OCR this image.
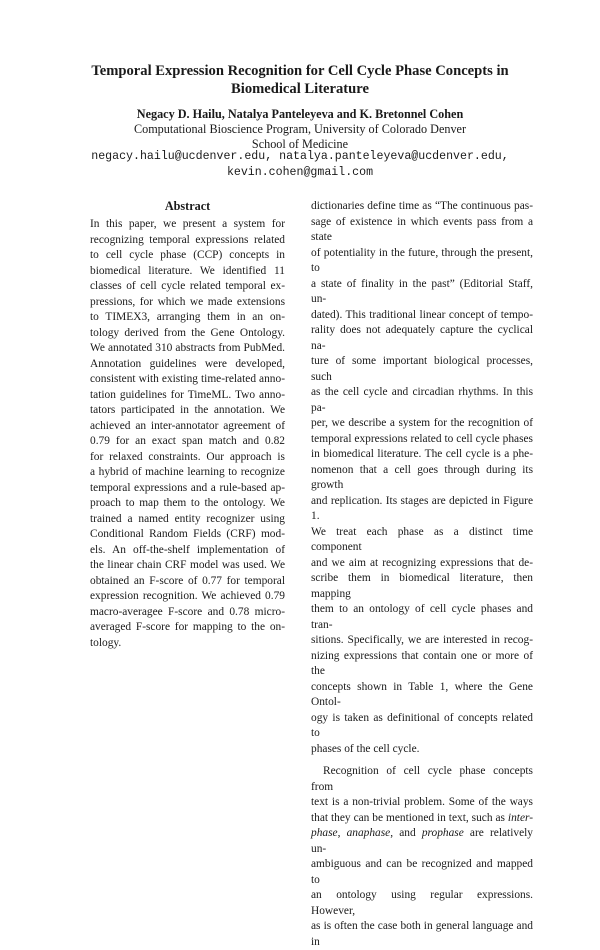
Temporal Expression Recognition for Cell Cycle Phase Concepts in
Biomedical Literature
Negacy D. Hailu, Natalya Panteleyeva and K. Bretonnel Cohen
Computational Bioscience Program, University of Colorado Denver
School of Medicine
negacy.hailu@ucdenver.edu, natalya.panteleyeva@ucdenver.edu,
kevin.cohen@gmail.com
Abstract
In this paper, we present a system for
recognizing temporal expressions related
to cell cycle phase (CCP) concepts in
biomedical literature. We identified 11
classes of cell cycle related temporal ex-
pressions, for which we made extensions
to TIMEX3, arranging them in an on-
tology derived from the Gene Ontology.
We annotated 310 abstracts from PubMed.
Annotation guidelines were developed,
consistent with existing time-related anno-
tation guidelines for TimeML. Two anno-
tators participated in the annotation. We
achieved an inter-annotator agreement of
0.79 for an exact span match and 0.82
for relaxed constraints. Our approach is
a hybrid of machine learning to recognize
temporal expressions and a rule-based ap-
proach to map them to the ontology. We
trained a named entity recognizer using
Conditional Random Fields (CRF) mod-
els. An off-the-shelf implementation of
the linear chain CRF model was used. We
obtained an F-score of 0.77 for temporal
expression recognition. We achieved 0.79
macro-averagee F-score and 0.78 micro-
averaged F-score for mapping to the on-
tology.
dictionaries define time as “The continuous pas-
sage of existence in which events pass from a state
of potentiality in the future, through the present, to
a state of finality in the past” (Editorial Staff, un-
dated). This traditional linear concept of tempo-
rality does not adequately capture the cyclical na-
ture of some important biological processes, such
as the cell cycle and circadian rhythms. In this pa-
per, we describe a system for the recognition of
temporal expressions related to cell cycle phases
in biomedical literature. The cell cycle is a phe-
nomenon that a cell goes through during its growth
and replication. Its stages are depicted in Figure 1.
We treat each phase as a distinct time component
and we aim at recognizing expressions that de-
scribe them in biomedical literature, then mapping
them to an ontology of cell cycle phases and tran-
sitions. Specifically, we are interested in recog-
nizing expressions that contain one or more of the
concepts shown in Table 1, where the Gene Ontol-
ogy is taken as definitional of concepts related to
phases of the cell cycle.
Recognition of cell cycle phase concepts from
text is a non-trivial problem. Some of the ways
that they can be mentioned in text, such as inter-
phase, anaphase, and prophase are relatively un-
ambiguous and can be recognized and mapped to
an ontology using regular expressions. However,
as is often the case both in general language and in
